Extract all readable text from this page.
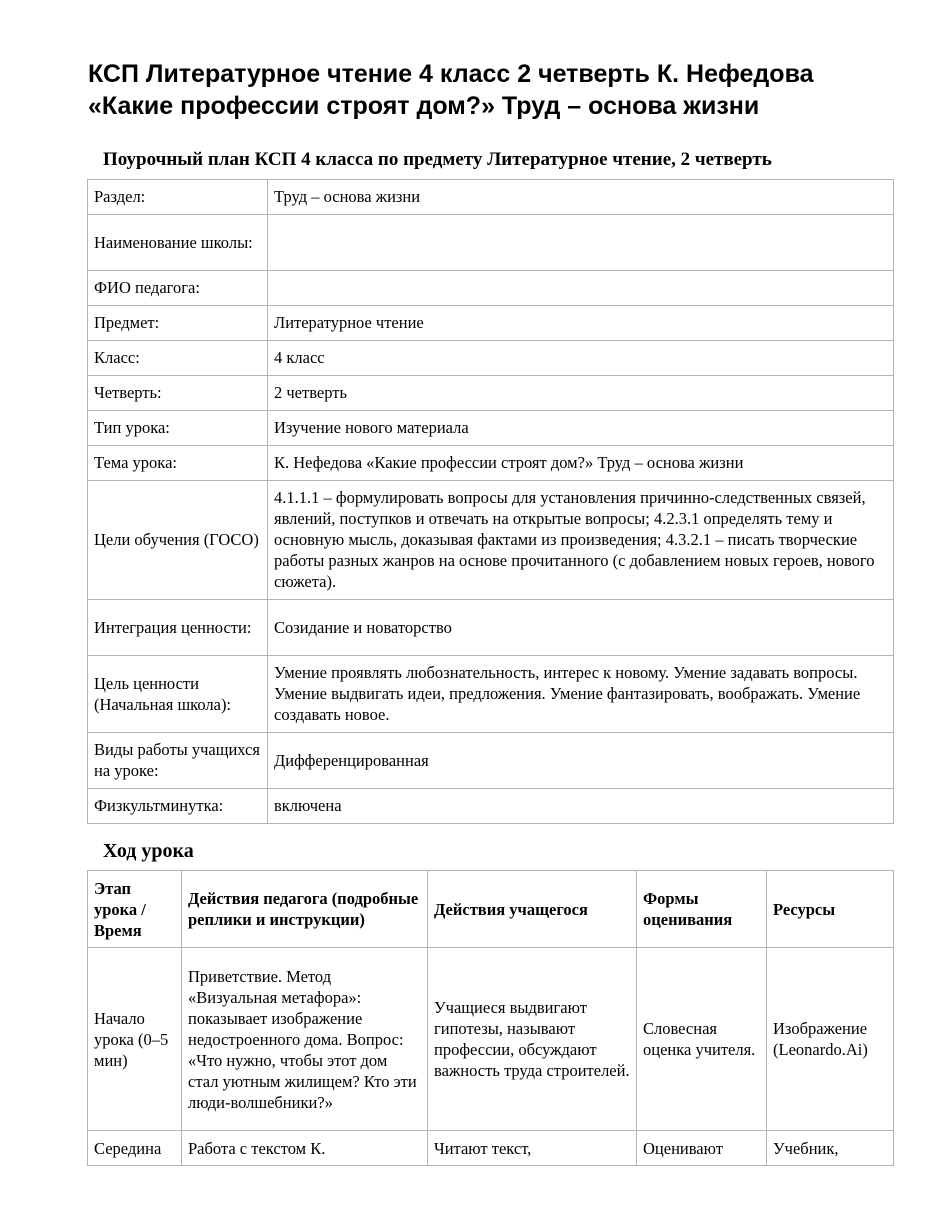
КСП Литературное чтение 4 класс 2 четверть К. Нефедова
«Какие профессии строят дом?» Труд – основа жизни
Поурочный план КСП 4 класса по предмету Литературное чтение, 2 четверть
Раздел:	Труд – основа жизни
Наименование школы:	
ФИО педагога:	
Предмет:	Литературное чтение
Класс:	4 класс
Четверть:	2 четверть
Тип урока:	Изучение нового материала
Тема урока:	К. Нефедова «Какие профессии строят дом?» Труд – основа жизни
Цели обучения (ГОСО)	4.1.1.1 – формулировать вопросы для установления причинно-следственных связей, явлений, поступков и отвечать на открытые вопросы; 4.2.3.1 определять тему и основную мысль, доказывая фактами из произведения; 4.3.2.1 – писать творческие работы разных жанров на основе прочитанного (с добавлением новых героев, нового сюжета).
Интеграция ценности:	Созидание и новаторство
Цель ценности (Начальная школа):	Умение проявлять любознательность, интерес к новому. Умение задавать вопросы. Умение выдвигать идеи, предложения. Умение фантазировать, воображать. Умение создавать новое.
Виды работы учащихся на уроке:	Дифференцированная
Физкультминутка:	включена
Ход урока
Этап урока / Время	Действия педагога (подробные реплики и инструкции)	Действия учащегося	Формы оценивания	Ресурсы
Начало урока (0–5 мин)	Приветствие. Метод «Визуальная метафора»: показывает изображение недостроенного дома. Вопрос: «Что нужно, чтобы этот дом стал уютным жилищем? Кто эти люди-волшебники?»	Учащиеся выдвигают гипотезы, называют профессии, обсуждают важность труда строителей.	Словесная оценка учителя.	Изображение (Leonardo.Ai)
Середина	Работа с текстом К.	Читают текст,	Оценивают	Учебник,
